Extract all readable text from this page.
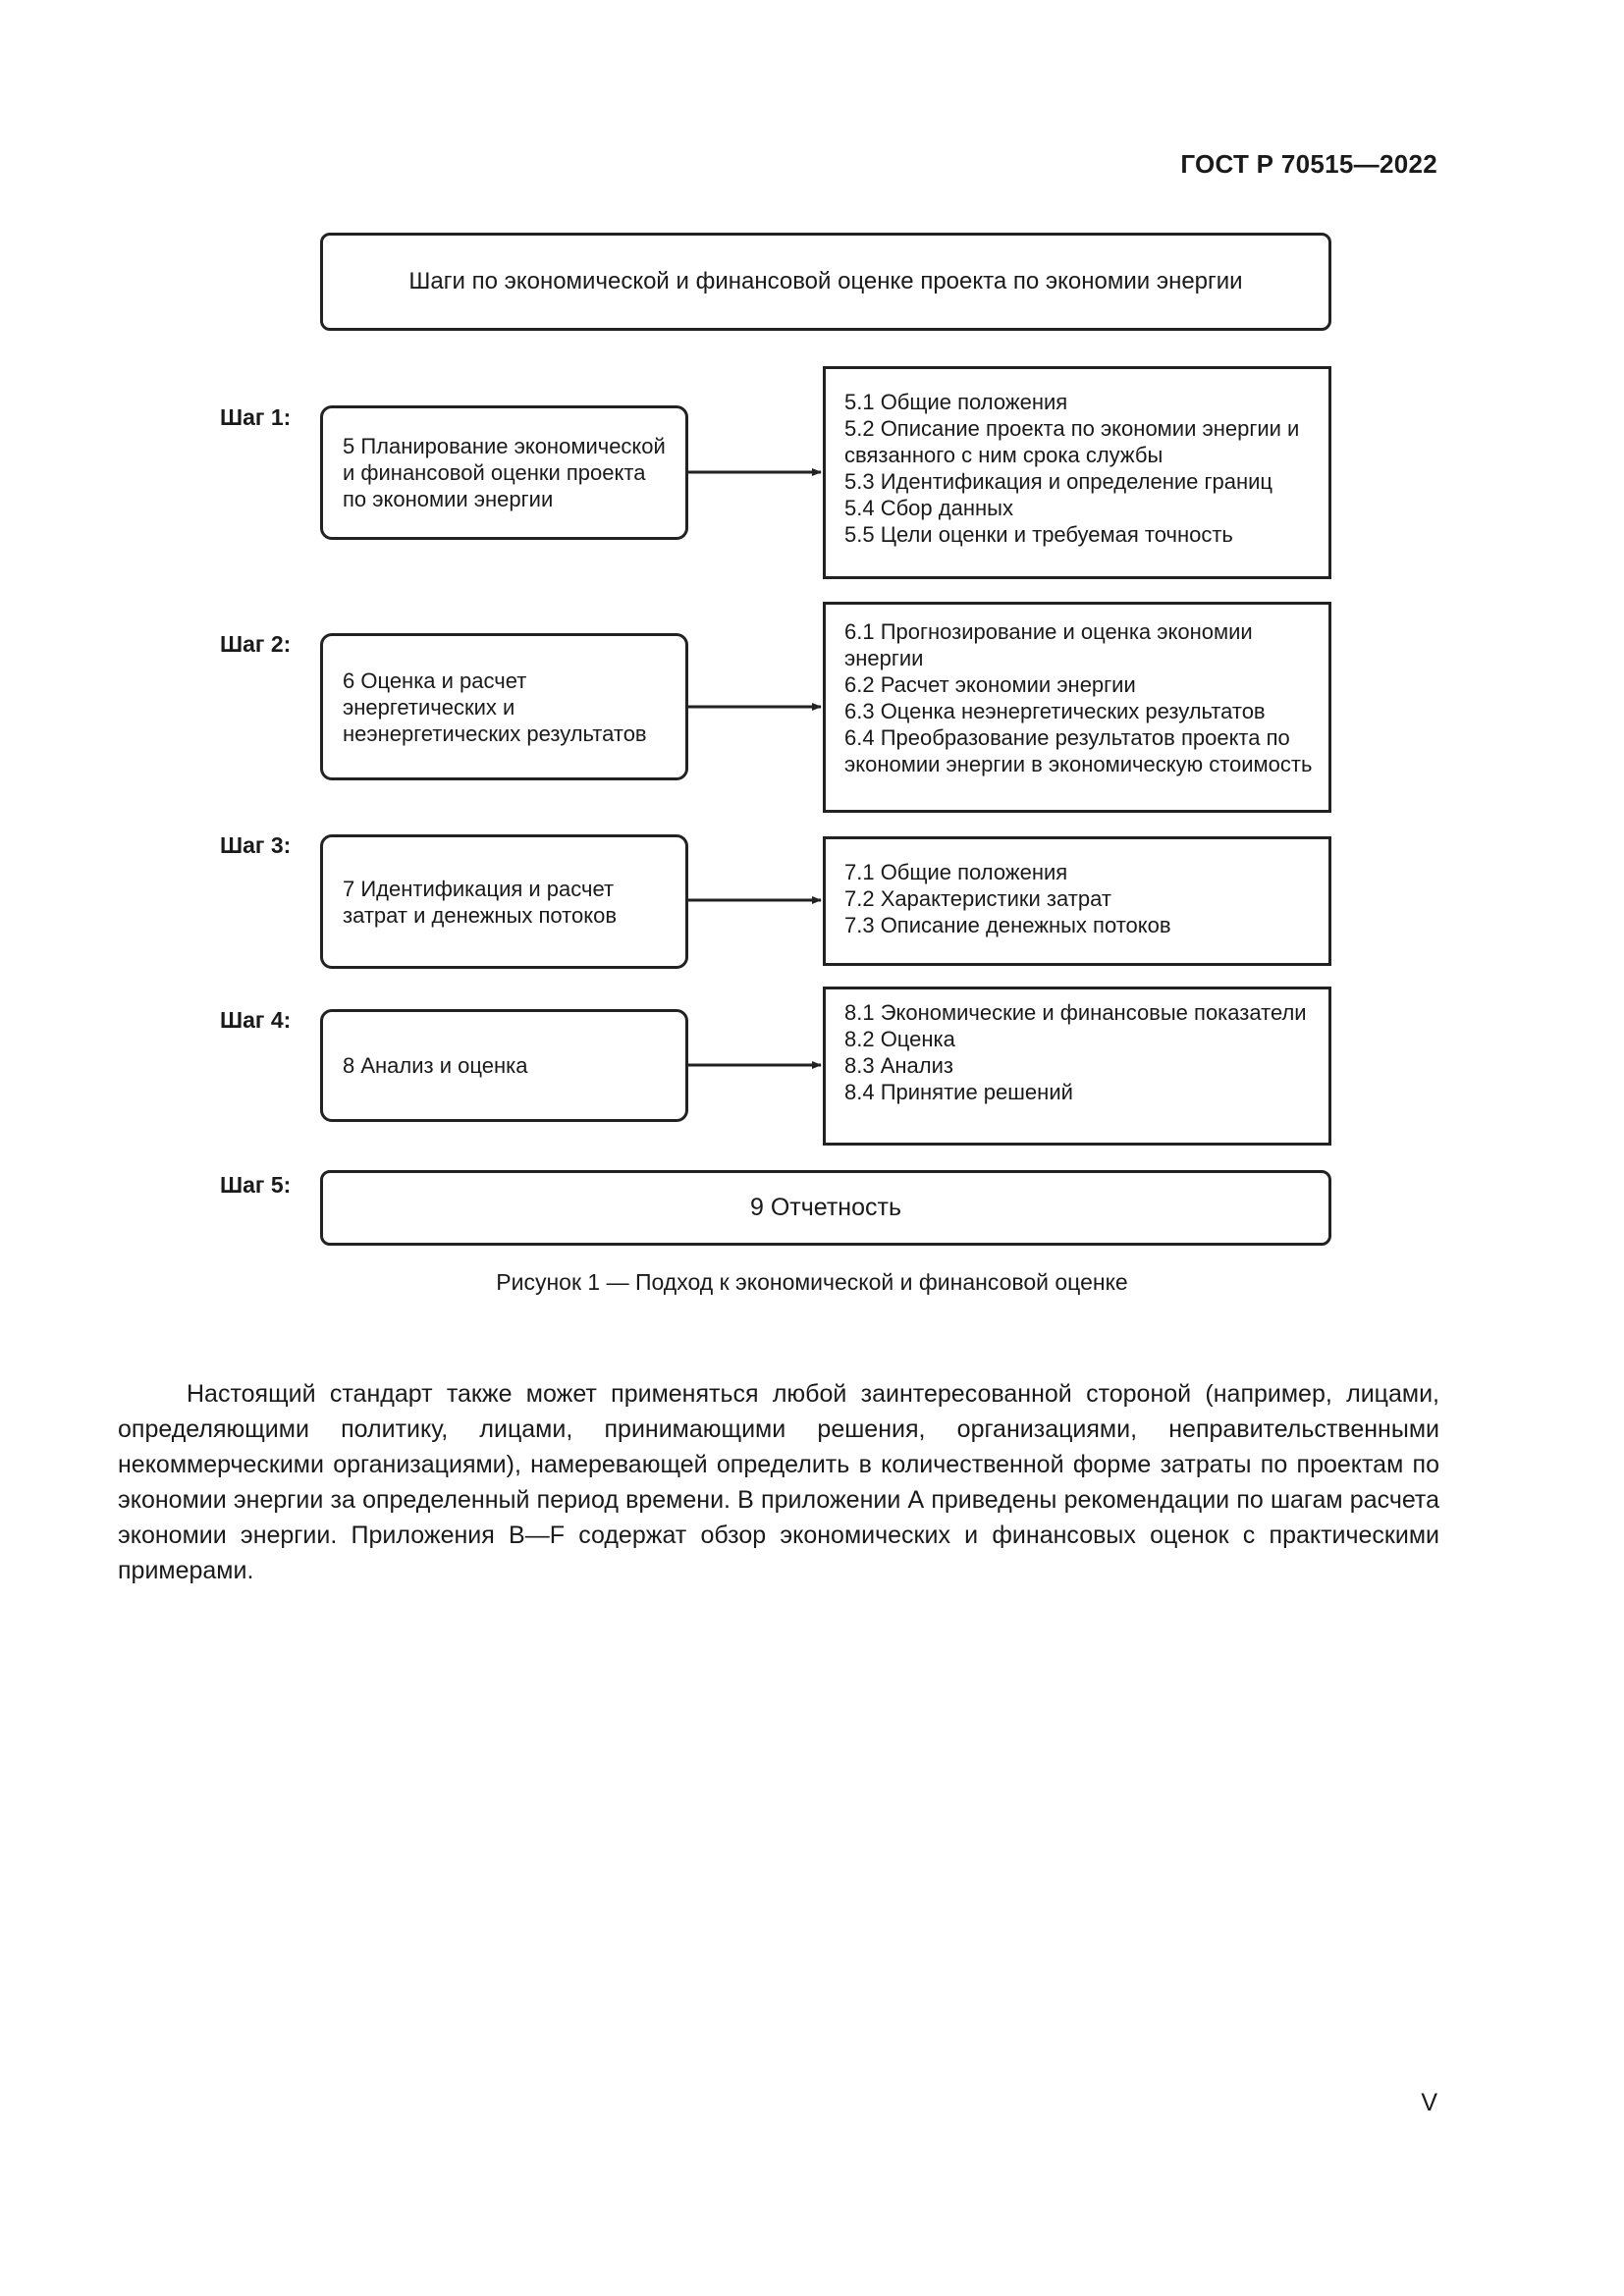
ГОСТ Р 70515—2022
Шаги по экономической и финансовой оценке проекта по экономии энергии
Шаг 1:
5 Планирование экономической и финансовой оценки проекта по экономии энергии
5.1 Общие положения
5.2 Описание проекта по экономии энергии и связанного с ним срока службы
5.3 Идентификация и определение границ
5.4 Сбор данных
5.5 Цели оценки и требуемая точность
Шаг 2:
6 Оценка и расчет энергетических и неэнергетических результатов
6.1 Прогнозирование и оценка экономии энергии
6.2 Расчет экономии энергии
6.3 Оценка неэнергетических результатов
6.4 Преобразование результатов проекта по экономии энергии в экономическую стоимость
Шаг 3:
7 Идентификация и расчет затрат и денежных потоков
7.1 Общие положения
7.2 Характеристики затрат
7.3 Описание денежных потоков
Шаг 4:
8 Анализ и оценка
8.1 Экономические и финансовые показатели
8.2 Оценка
8.3 Анализ
8.4 Принятие решений
Шаг 5:
9 Отчетность
Рисунок 1 — Подход к экономической и финансовой оценке

Настоящий стандарт также может применяться любой заинтересованной стороной (например, лицами, определяющими политику, лицами, принимающими решения, организациями, неправительственными некоммерческими организациями), намеревающей определить в количественной форме затраты по проектам по экономии энергии за определенный период времени. В приложении А приведены рекомендации по шагам расчета экономии энергии. Приложения В—F содержат обзор экономических и финансовых оценок с практическими примерами.

V
